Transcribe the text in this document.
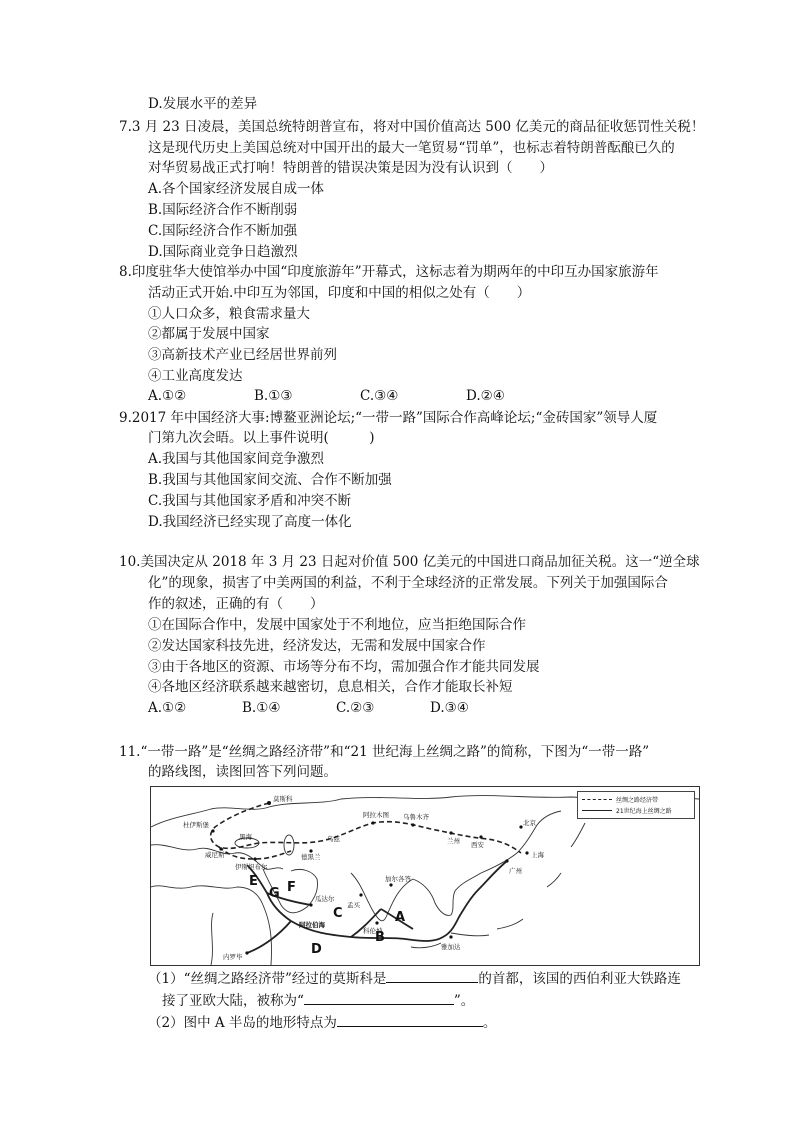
D.发展水平的差异
7.3 月 23 日凌晨，美国总统特朗普宣布，将对中国价值高达 500 亿美元的商品征收惩罚性关税！
这是现代历史上美国总统对中国开出的最大一笔贸易“罚单”，也标志着特朗普酝酿已久的
对华贸易战正式打响！特朗普的错误决策是因为没有认识到（　　）
A.各个国家经济发展自成一体
B.国际经济合作不断削弱
C.国际经济合作不断加强
D.国际商业竞争日趋激烈
8.印度驻华大使馆举办中国“印度旅游年”开幕式，这标志着为期两年的中印互办国家旅游年
活动正式开始.中印互为邻国，印度和中国的相似之处有（　　）
①人口众多，粮食需求量大
②都属于发展中国家
③高新技术产业已经居世界前列
④工业高度发达
A.①②	B.①③	C.③④	D.②④
9.2017 年中国经济大事:博鳌亚洲论坛;“一带一路”国际合作高峰论坛;“金砖国家”领导人厦
门第九次会晤。以上事件说明(　　　)
A.我国与其他国家间竞争激烈
B.我国与其他国家间交流、合作不断加强
C.我国与其他国家矛盾和冲突不断
D.我国经济已经实现了高度一体化
10.美国决定从 2018 年 3 月 23 日起对价值 500 亿美元的中国进口商品加征关税。这一“逆全球
化”的现象，损害了中美两国的利益，不利于全球经济的正常发展。下列关于加强国际合
作的叙述，正确的有（　　）
①在国际合作中，发展中国家处于不利地位，应当拒绝国际合作
②发达国家科技先进，经济发达，无需和发展中国家合作
③由于各地区的资源、市场等分布不均，需加强合作才能共同发展
④各地区经济联系越来越密切，息息相关，合作才能取长补短
A.①②	B.①④	C.②③	D.③④
11.“一带一路”是“丝绸之路经济带”和“21 世纪海上丝绸之路”的简称，下图为“一带一路”
的路线图，读图回答下列问题。
莫斯科
杜伊斯堡
威尼斯
阿拉木图 乌鲁木齐
兰州 西安
北京
上海
广州
德黑兰
乌兹
伊斯坦布尔
瓜达尔
孟买
加尔各答
科伦坡
阿拉伯海
内罗毕
黑海
雅加达
A
B
C
D
E F
G
丝绸之路经济带
21世纪海上丝绸之路
（1）“丝绸之路经济带”经过的莫斯科是	的首都，该国的西伯利亚大铁路连
接了亚欧大陆，被称为“	”。
（2）图中 A 半岛的地形特点为	。
